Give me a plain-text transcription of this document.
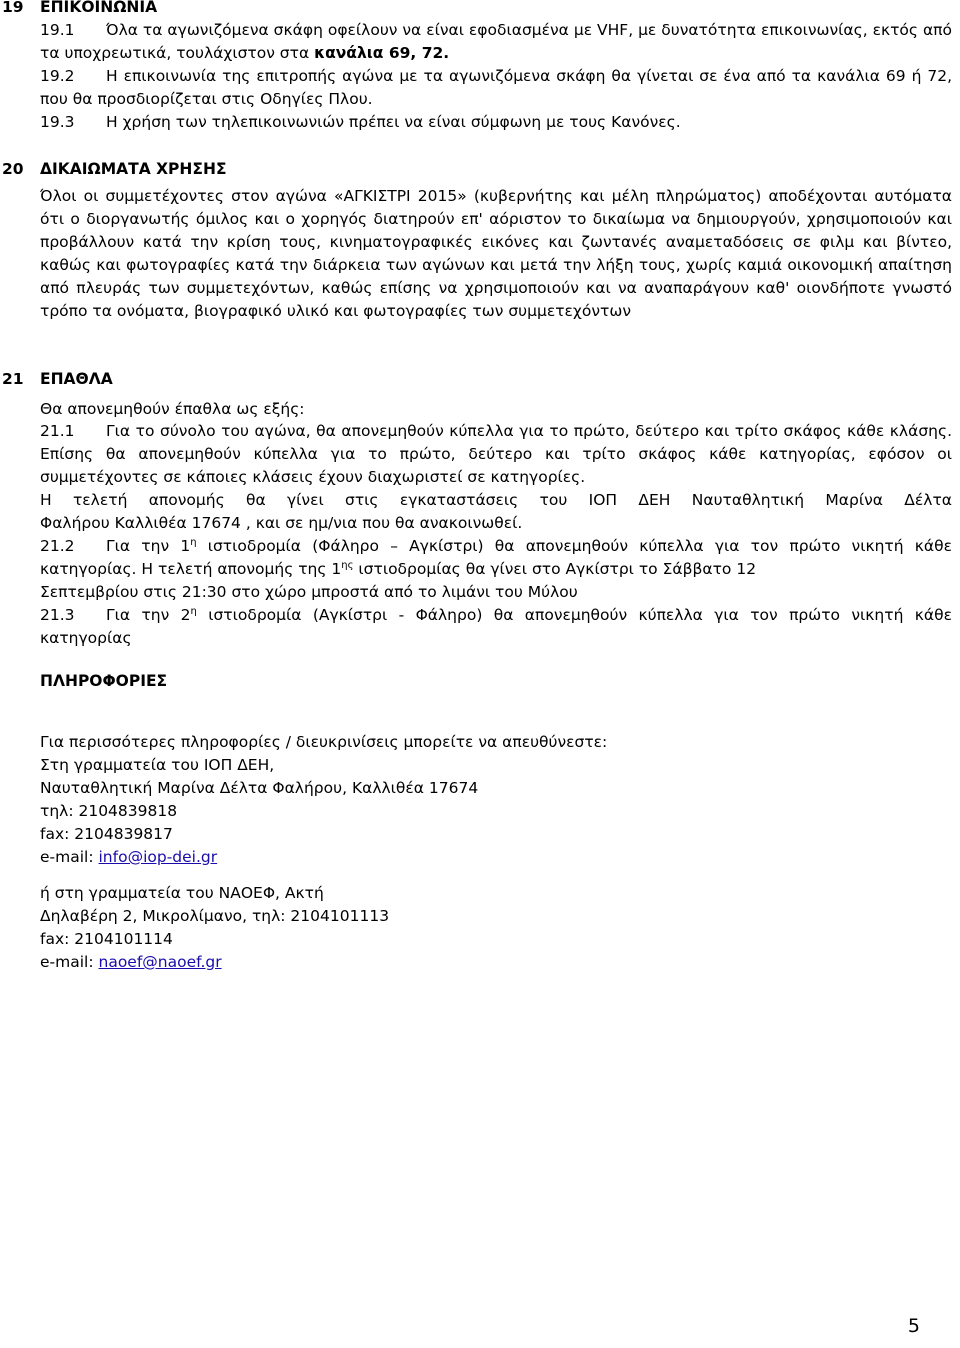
19 ΕΠΙΚΟΙΝΩΝΙΑ
19.1 Όλα τα αγωνιζόμενα σκάφη οφείλουν να είναι εφοδιασμένα με VHF, με δυνατότητα επικοινωνίας, εκτός από τα υποχρεωτικά, τουλάχιστον στα κανάλια 69, 72.
19.2 Η επικοινωνία της επιτροπής αγώνα με τα αγωνιζόμενα σκάφη θα γίνεται σε ένα από τα κανάλια 69 ή 72, που θα προσδιορίζεται στις Οδηγίες Πλου.
19.3 Η χρήση των τηλεπικοινωνιών πρέπει να είναι σύμφωνη με τους Κανόνες.
20 ΔΙΚΑΙΩΜΑΤΑ ΧΡΗΣΗΣ

Όλοι οι συμμετέχοντες στον αγώνα «ΑΓΚΙΣΤΡΙ 2015» (κυβερνήτης και μέλη πληρώματος) αποδέχονται αυτόματα ότι ο διοργανωτής όμιλος και ο χορηγός διατηρούν επ' αόριστον το δικαίωμα να δημιουργούν, χρησιμοποιούν και προβάλλουν κατά την κρίση τους, κινηματογραφικές εικόνες και ζωντανές αναμεταδόσεις σε φιλμ και βίντεο, καθώς και φωτογραφίες κατά την διάρκεια των αγώνων και μετά την λήξη τους, χωρίς καμιά οικονομική απαίτηση από πλευράς των συμμετεχόντων, καθώς επίσης να χρησιμοποιούν και να αναπαράγουν καθ' οιονδήποτε γνωστό τρόπο τα ονόματα, βιογραφικό υλικό και φωτογραφίες των συμμετεχόντων

21 ΕΠΑΘΛΑ
Θα απονεμηθούν έπαθλα ως εξής:
21.1 Για το σύνολο του αγώνα, θα απονεμηθούν κύπελλα για το πρώτο, δεύτερο και τρίτο σκάφος κάθε κλάσης. Επίσης θα απονεμηθούν κύπελλα για το πρώτο, δεύτερο και τρίτο σκάφος κάθε κατηγορίας, εφόσον οι συμμετέχοντες σε κάποιες κλάσεις έχουν διαχωριστεί σε κατηγορίες.
Η τελετή απονομής θα γίνει στις εγκαταστάσεις του ΙΟΠ ΔΕΗ Ναυταθλητική Μαρίνα Δέλτα
Φαλήρου Καλλιθέα 17674 , και σε ημ/νια που θα ανακοινωθεί.
21.2 Για την $1^\eta$ ιστιοδρομία (Φάληρο – Αγκίστρι) θα απονεμηθούν κύπελλα για τον πρώτο νικητή κάθε κατηγορίας. Η τελετή απονομής της $1^{\eta\varsigma}$ ιστιοδρομίας θα γίνει στο Αγκίστρι το Σάββατο 12
Σεπτεμβρίου στις 21:30 στο χώρο μπροστά από το λιμάνι του Μύλου
21.3 Για την $2^\eta$ ιστιοδρομία (Αγκίστρι - Φάληρο) θα απονεμηθούν κύπελλα για τον πρώτο νικητή κάθε κατηγορίας
ΠΛΗΡΟΦΟΡΙΕΣ
Για περισσότερες πληροφορίες / διευκρινίσεις μπορείτε να απευθύνεστε:

Στη γραμματεία του ΙΟΠ ΔΕΗ,

Ναυταθλητική Μαρίνα Δέλτα Φαλήρου, Καλλιθέα 17674

τηλ: 2104839818

fax: 2104839817

e-mail: info@iop-dei.gr

ή στη γραμματεία του ΝΑΟΕΦ, Ακτή

Δηλαβέρη 2, Μικρολίμανο, τηλ: 2104101113

fax: 2104101114

e-mail: naoef@naoef.gr

5
